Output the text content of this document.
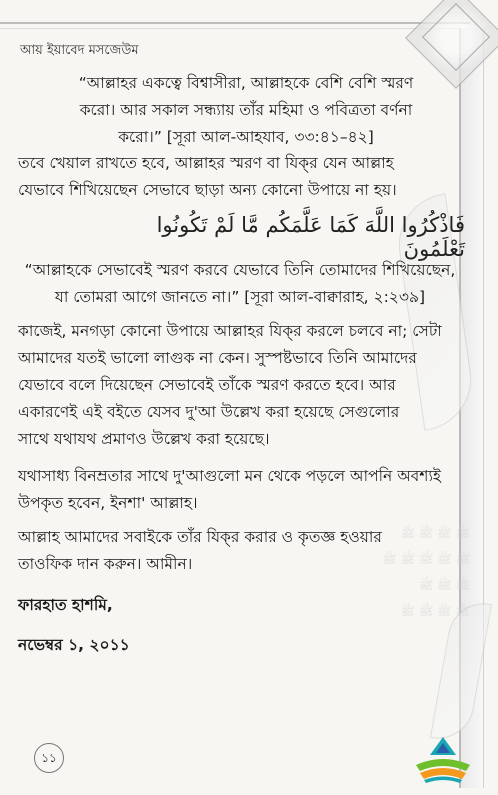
ﷺ ﷺ ﷺ ﷺ
ﷺ ﷺ ﷺ ﷺ ﷺ
ﷺ ﷺ ﷺ
ﷺ ﷺ ﷺ ﷺ
আয় ইয়াবেদ মসজেউম
“আল্লাহর একত্বে বিশ্বাসীরা, আল্লাহকে বেশি বেশি স্মরণ
করো। আর সকাল সন্ধ্যায় তাঁর মহিমা ও পবিত্রতা বর্ণনা
করো।” [সূরা আল-আহযাব, ৩৩:৪১–৪২]
তবে খেয়াল রাখতে হবে, আল্লাহর স্মরণ বা যিক্‌র যেন আল্লাহ
যেভাবে শিখিয়েছেন সেভাবে ছাড়া অন্য কোনো উপায়ে না হয়।
فَاذْكُرُوا اللَّهَ كَمَا عَلَّمَكُم مَّا لَمْ تَكُونُوا تَعْلَمُونَ
“আল্লাহকে সেভাবেই স্মরণ করবে যেভাবে তিনি তোমাদের শিখিয়েছেন,
যা তোমরা আগে জানতে না।” [সূরা আল-বাক্বারাহ, ২:২৩৯]
কাজেই, মনগড়া কোনো উপায়ে আল্লাহর যিক্‌র করলে চলবে না; সেটা
আমাদের যতই ভালো লাগুক না কেন। সুস্পষ্টভাবে তিনি আমাদের
যেভাবে বলে দিয়েছেন সেভাবেই তাঁকে স্মরণ করতে হবে। আর
একারণেই এই বইতে যেসব দু'আ উল্লেখ করা হয়েছে সেগুলোর
সাথে যথাযথ প্রমাণও উল্লেখ করা হয়েছে।
যথাসাধ্য বিনম্রতার সাথে দু'আগুলো মন থেকে পড়লে আপনি অবশ্যই
উপকৃত হবেন, ইনশা' আল্লাহ।
আল্লাহ আমাদের সবাইকে তাঁর যিক্‌র করার ও কৃতজ্ঞ হওয়ার
তাওফিক দান করুন। আমীন।
ফারহাত হাশমি,
নভেম্বর ১, ২০১১
১১
